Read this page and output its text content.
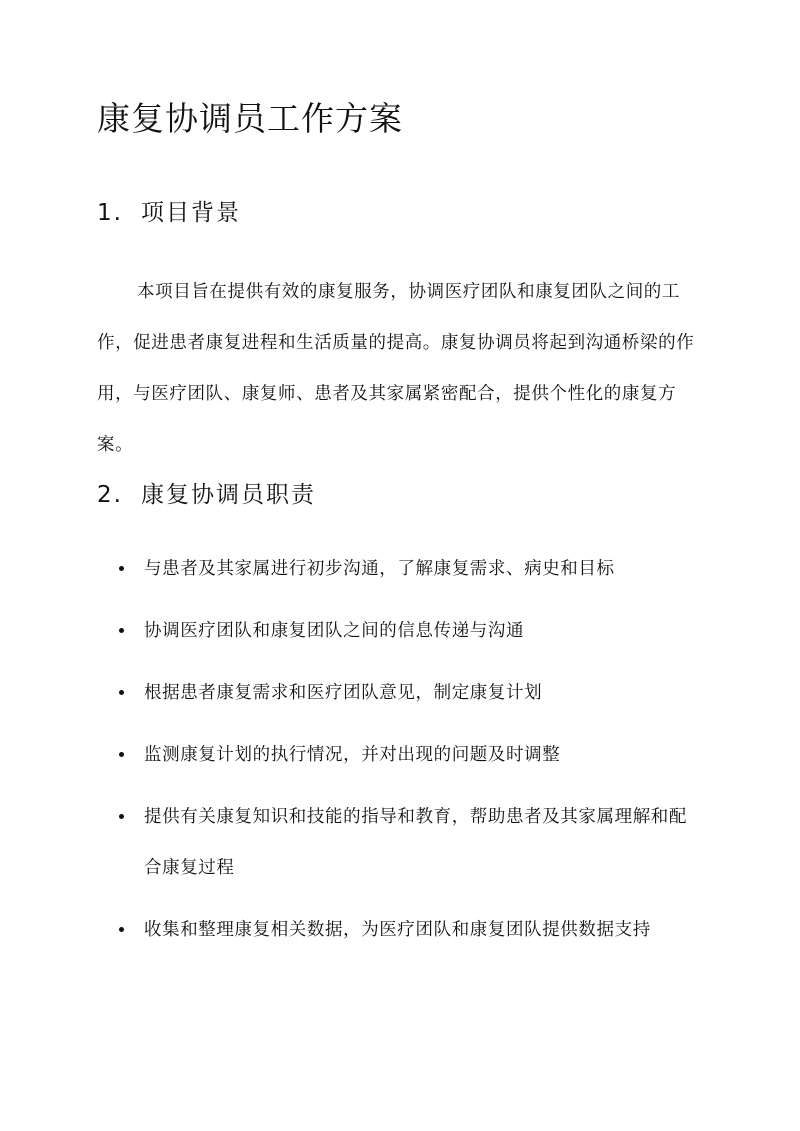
康复协调员工作方案
1. 项目背景

本项目旨在提供有效的康复服务，协调医疗团队和康复团队之间的工作，促进患者康复进程和生活质量的提高。康复协调员将起到沟通桥梁的作用，与医疗团队、康复师、患者及其家属紧密配合，提供个性化的康复方案。

2. 康复协调员职责
与患者及其家属进行初步沟通，了解康复需求、病史和目标
协调医疗团队和康复团队之间的信息传递与沟通
根据患者康复需求和医疗团队意见，制定康复计划
监测康复计划的执行情况，并对出现的问题及时调整
提供有关康复知识和技能的指导和教育，帮助患者及其家属理解和配合康复过程
收集和整理康复相关数据，为医疗团队和康复团队提供数据支持
